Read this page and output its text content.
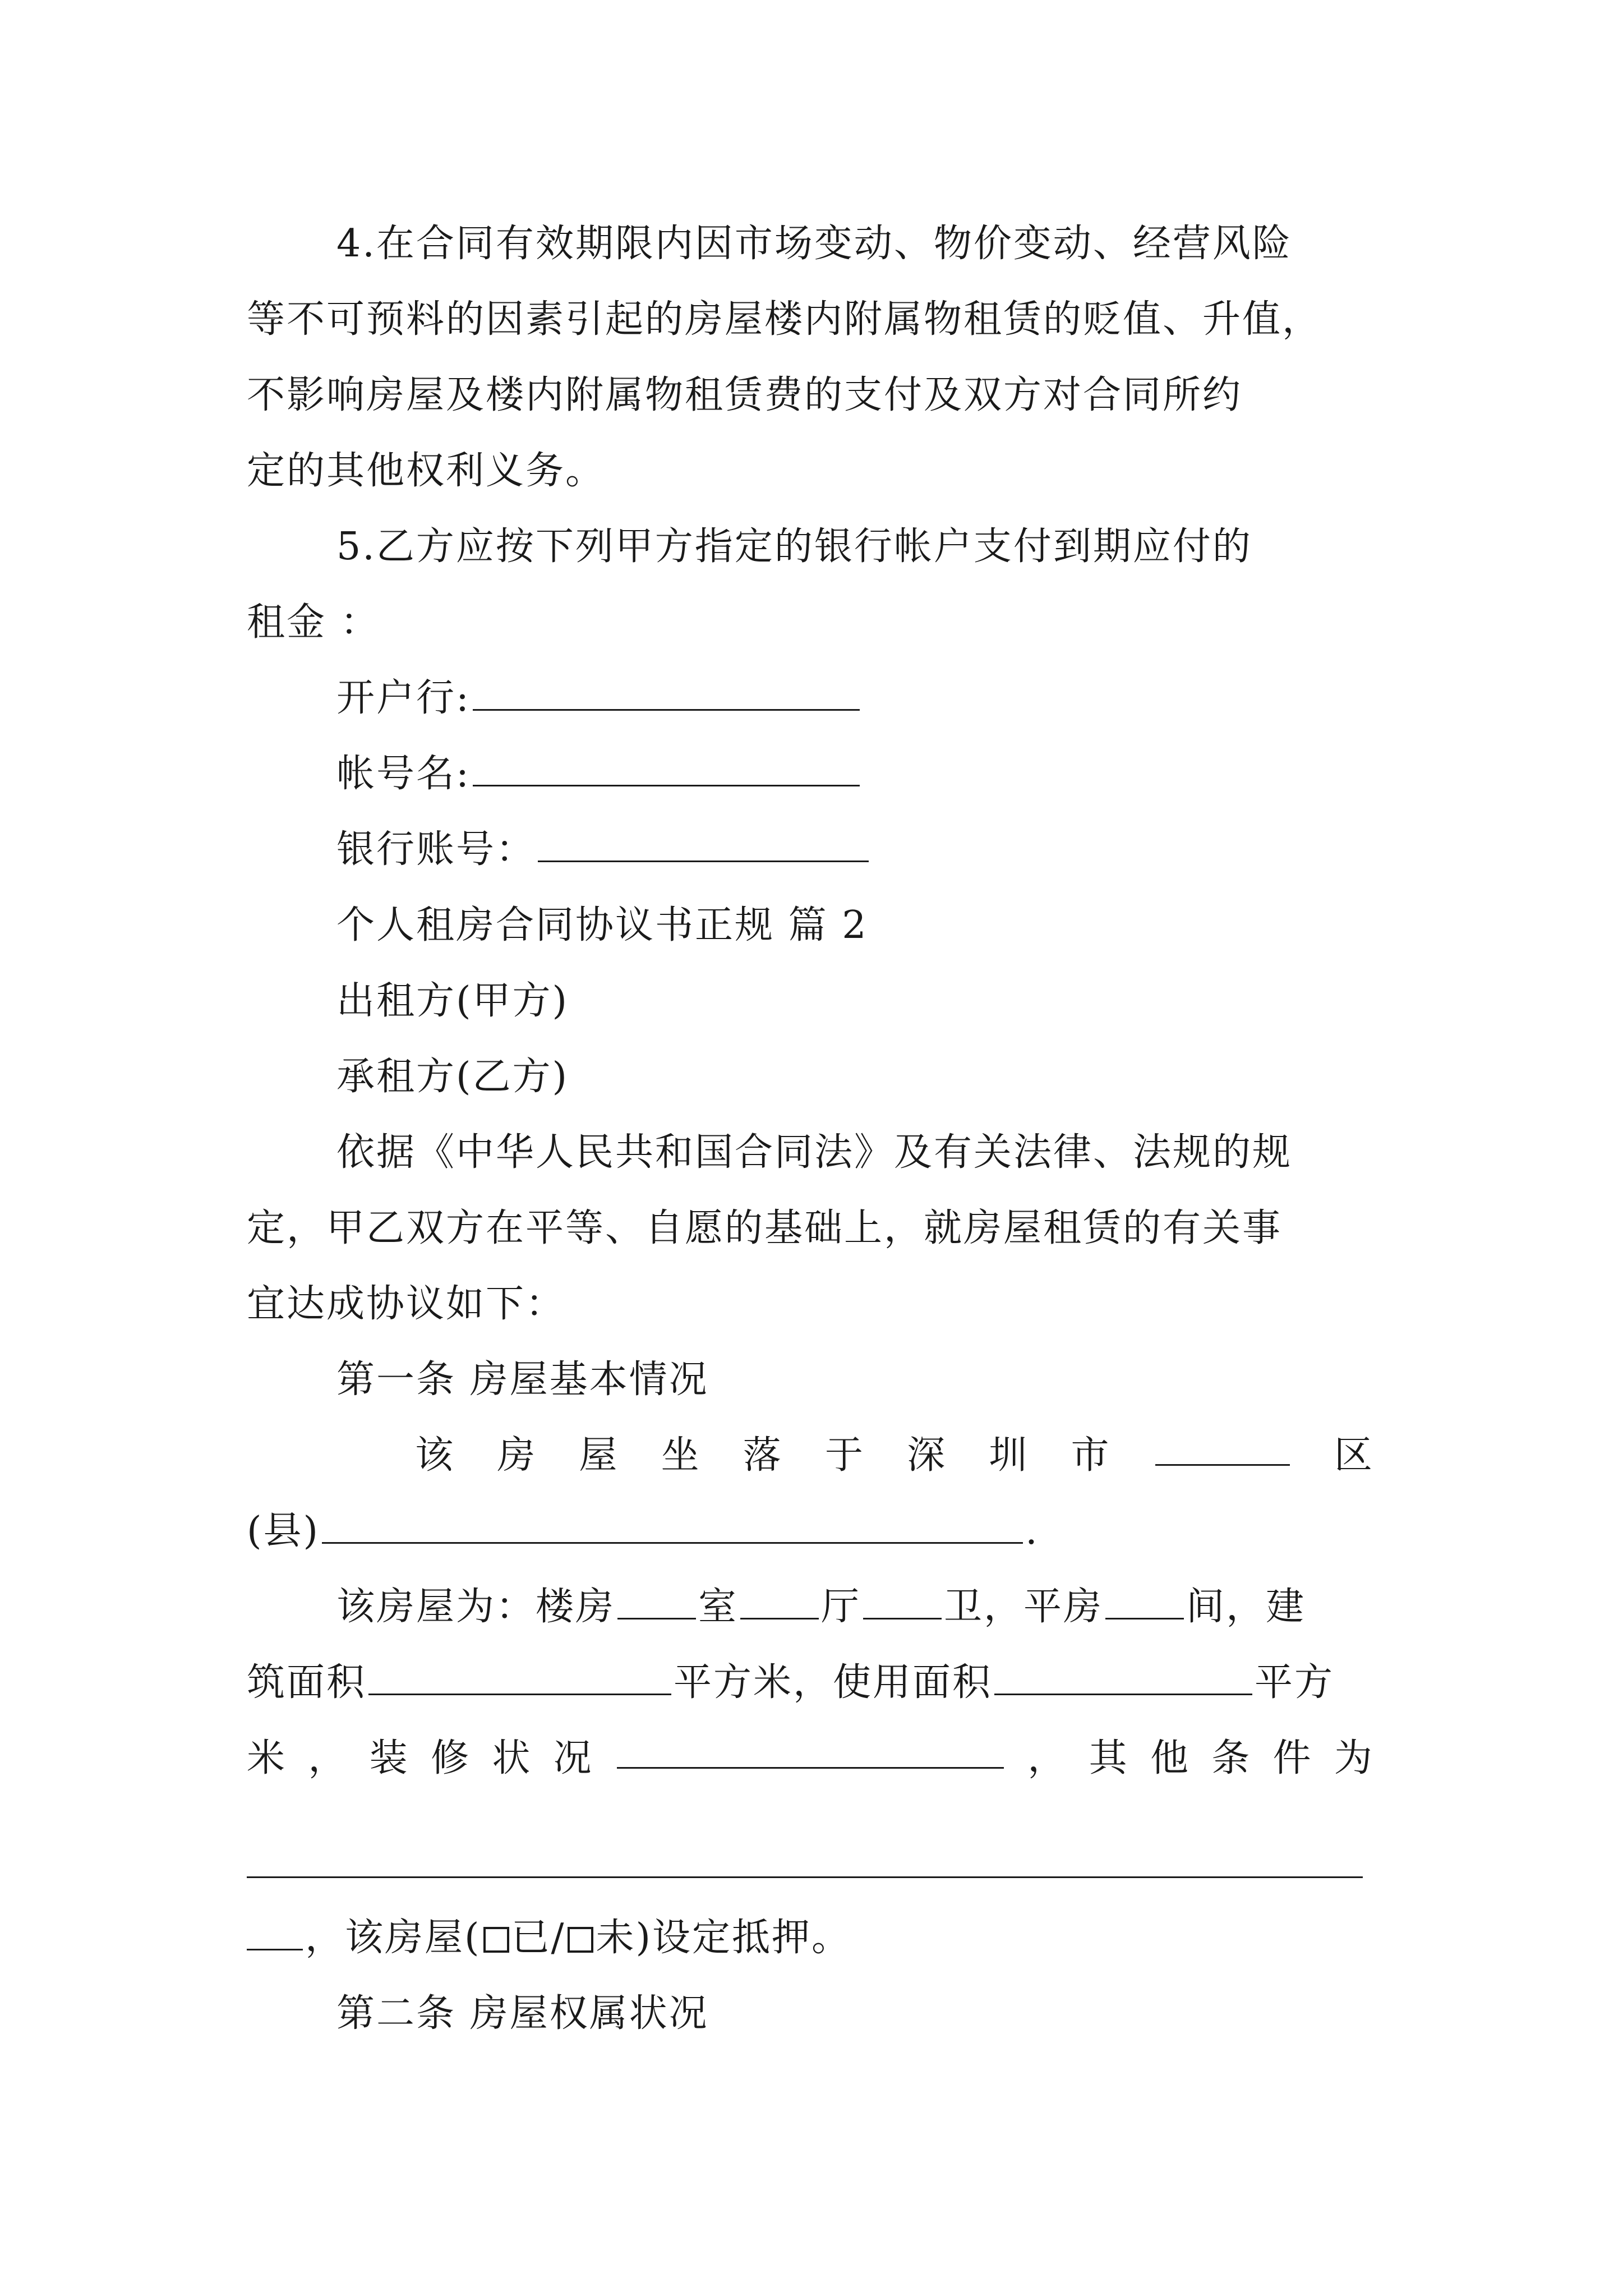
4.在合同有效期限内因市场变动、物价变动、经营风险
等不可预料的因素引起的房屋楼内附属物租赁的贬值、升值，
不影响房屋及楼内附属物租赁费的支付及双方对合同所约
定的其他权利义务。
5.乙方应按下列甲方指定的银行帐户支付到期应付的
租金 ：
开户行:
帐号名:
银行账号：
个人租房合同协议书正规 篇 2
出租方(甲方)
承租方(乙方)
依据《中华人民共和国合同法》及有关法律、法规的规
定，甲乙双方在平等、自愿的基础上，就房屋租赁的有关事
宜达成协议如下：
第一条 房屋基本情况
该 房 屋 坐 落 于 深 圳 市	区
(县)	.
该房屋为：楼房 室 厅 卫，平房 间，建
筑面积	平方米，使用面积	平方
米 ， 装 修 状 况	， 其 他 条 件 为
，该房屋( 已/ 未)设定抵押。
第二条 房屋权属状况
